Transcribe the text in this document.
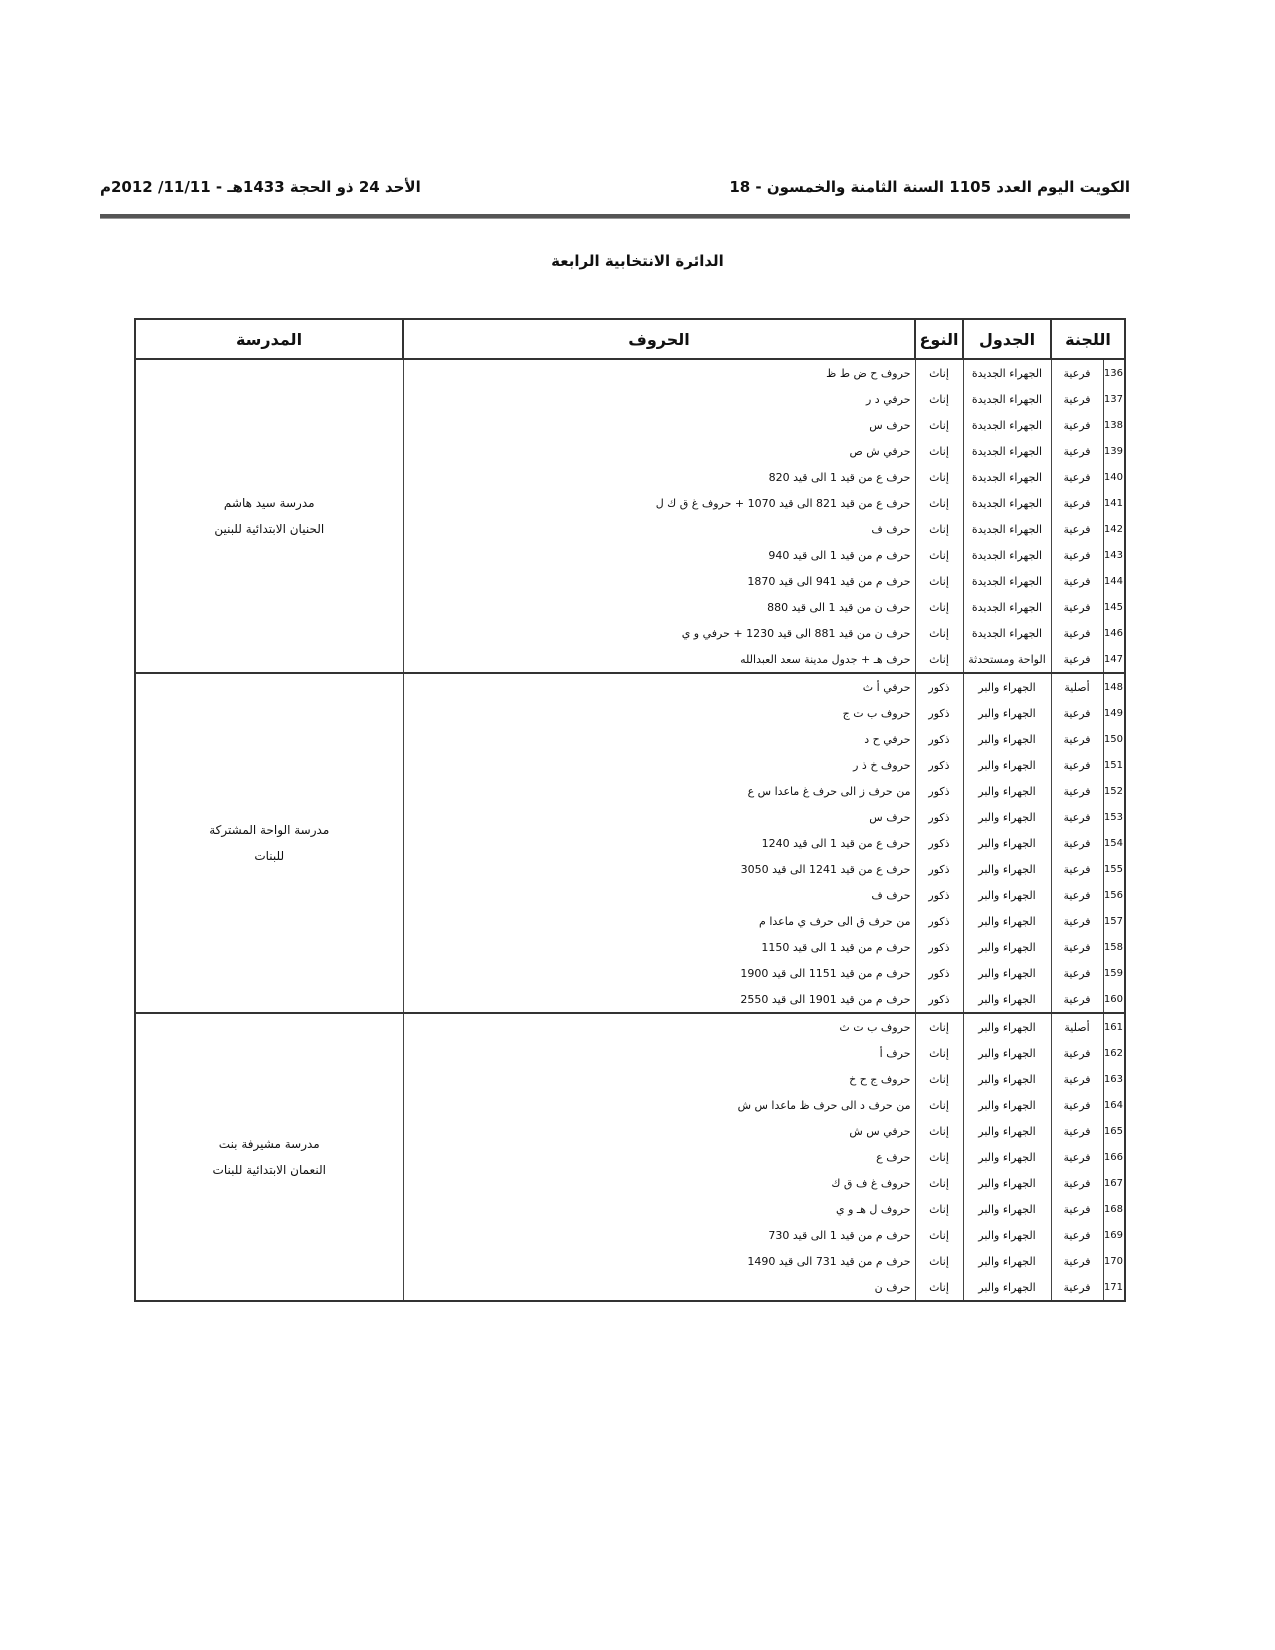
الكويت اليوم العدد 1105 السنة الثامنة والخمسون - 18
الأحد 24 ذو الحجة 1433هـ - 11/11/ 2012م
الدائرة الانتخابية الرابعة
اللجنة		الجدول	النوع	الحروف	المدرسة
136	فرعية	الجهراء الجديدة	إناث	حروف ح ض ط ظ	مدرسة سيد هاشم
الحنيان الابتدائية للبنين

137	فرعية	الجهراء الجديدة	إناث	حرفي د ر	
138	فرعية	الجهراء الجديدة	إناث	حرف س	
139	فرعية	الجهراء الجديدة	إناث	حرفي ش ص	
140	فرعية	الجهراء الجديدة	إناث	حرف ع من قيد 1 الى قيد 820	
141	فرعية	الجهراء الجديدة	إناث	حرف ع من قيد 821 الى قيد 1070 + حروف غ ق ك ل	
142	فرعية	الجهراء الجديدة	إناث	حرف ف	
143	فرعية	الجهراء الجديدة	إناث	حرف م من قيد 1 الى قيد 940	
144	فرعية	الجهراء الجديدة	إناث	حرف م من قيد 941 الى قيد 1870	
145	فرعية	الجهراء الجديدة	إناث	حرف ن من قيد 1 الى قيد 880	
146	فرعية	الجهراء الجديدة	إناث	حرف ن من قيد 881 الى قيد 1230 + حرفي و ي	
147	فرعية	الواحة ومستحدثة	إناث	حرف هـ + جدول مدينة سعد العبدالله	
148	أصلية	الجهراء والبر	ذكور	حرفي أ ث	مدرسة الواحة المشتركة
للبنات

149	فرعية	الجهراء والبر	ذكور	حروف ب ت ج	
150	فرعية	الجهراء والبر	ذكور	حرفي ح د	
151	فرعية	الجهراء والبر	ذكور	حروف خ ذ ر	
152	فرعية	الجهراء والبر	ذكور	من حرف ز الى حرف غ ماعدا س ع	
153	فرعية	الجهراء والبر	ذكور	حرف س	
154	فرعية	الجهراء والبر	ذكور	حرف ع من قيد 1 الى قيد 1240	
155	فرعية	الجهراء والبر	ذكور	حرف ع من قيد 1241 الى قيد 3050	
156	فرعية	الجهراء والبر	ذكور	حرف ف	
157	فرعية	الجهراء والبر	ذكور	من حرف ق الى حرف ي ماعدا م	
158	فرعية	الجهراء والبر	ذكور	حرف م من قيد 1 الى قيد 1150	
159	فرعية	الجهراء والبر	ذكور	حرف م من قيد 1151 الى قيد 1900	
160	فرعية	الجهراء والبر	ذكور	حرف م من قيد 1901 الى قيد 2550	
161	أصلية	الجهراء والبر	إناث	حروف ب ت ث	مدرسة مشيرفة بنت
النعمان الابتدائية للبنات

162	فرعية	الجهراء والبر	إناث	حرف أ	
163	فرعية	الجهراء والبر	إناث	حروف ج ح خ	
164	فرعية	الجهراء والبر	إناث	من حرف د الى حرف ظ ماعدا س ش	
165	فرعية	الجهراء والبر	إناث	حرفي س ش	
166	فرعية	الجهراء والبر	إناث	حرف ع	
167	فرعية	الجهراء والبر	إناث	حروف غ ف ق ك	
168	فرعية	الجهراء والبر	إناث	حروف ل هـ و ي	
169	فرعية	الجهراء والبر	إناث	حرف م من قيد 1 الى قيد 730	
170	فرعية	الجهراء والبر	إناث	حرف م من قيد 731 الى قيد 1490	
171	فرعية	الجهراء والبر	إناث	حرف ن	
